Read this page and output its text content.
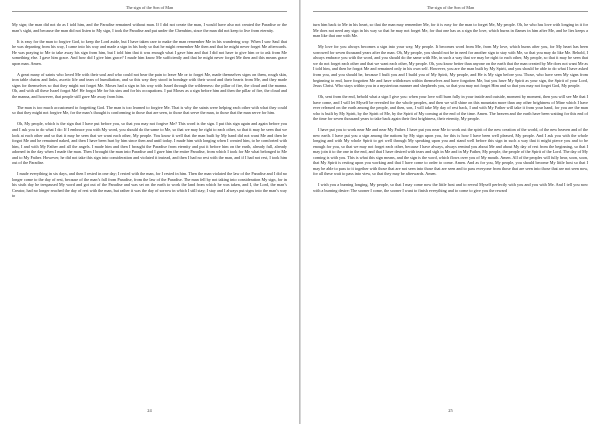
The sign of the Son of Man

My sign; the man did not do as I told him, and the Paradise remained without man. If I did not create the man, I would have also not created the Paradise or the man’s sight, and because the man did not listen to My sign, I took the Paradise and put under the Cherubim, since the man did not keep to live from eternity.

It is easy for the man to forgive God, to keep the Lord aside, but I have taken care to make the man remember Me in his wandering way. When I saw Saul that he was departing from his way, I came into his way and made a sign in his body so that he might remember Me then and that he might never forget Me afterwards. He was praying to Me to take away his sign from him, but I told him that it was enough what I gave him and that I did not have to give him or to ask from Me something else. I gave him grace. And how did I give him grace? I made him know Me sufficiently and that he might never forget Me then and this means grace upon man. Amen.

A great many of saints who loved Me with their soul and who could not bear the pain to leave Me or to forget Me, made themselves signs on them, rough skin, iron table chains and links, ascetic life and tears of humiliation, and so this way they stood in bondage with their wood and their hearts from Me, and they made signs for themselves so that they might not forget Me. Moses had a sign in his way with Israel through the wilderness: the pillar of fire, the cloud and the manna. Oh, and with all these Israel forgot Me! He forgot Me for his sins and for his occupations. I put Moses as a sign before him and then the pillar of fire, the cloud and the manna, and however, that people still gave Me away from him.

The man is too much accustomed to forgetting God. The man is too learned to forgive Me. That is why the saints were helping each other with what they could so that they might not forgive Me, for the man’s thought is conforming to those that are seen, to those that serve the man, to those that the man serve for him.

Oh, My people, which is the sign that I have put before you, so that you may not forgive Me? This word is the sign. I put this sign again and again before you and I ask you to do what I do: If I embrace you with My word, you should do the same to Me, so that we may be right to each other, so that it may be seen that we look at each other and so that it may be seen that we want each other, My people. You know it well that the man built by My hand did not want Me and then he forgot Me and he remained naked, and then I have been hurt by him since then and until today. I made him with longing when I created him, to be comforted with him, I and with My Father and all the angels. I made him and then I brought the Paradise from eternity and put it before him on the earth, already full, already adorned in the day when I made the man. Then I brought the man into Paradise and I gave him the entire Paradise, from which I took for Me what belonged to Me and to My Father. However, he did not take this sign into consideration and violated it instead, and then I had no rest with the man, and if I had not rest, I took him out of the Paradise.

I made everything in six days, and then I rested in one day; I rested with the man, for I rested in him. Then the man violated the law of the Paradise and I did no longer come to the day of rest, because of the man’s fall from Paradise, from the law of the Paradise. The man fell by not taking into consideration My sign, for in his sixth day he trespassed My word and got out of the Paradise and was set on the earth to work the land from which he was taken, and I, the Lord, the man’s Creator, had no longer reached the day of rest with the man, but rather it was the day of sorrow in which I still stay; I stay and I always put signs into the man’s way to

24
The sign of the Son of Man

turn him back to Me in his heart, so that the man may remember Me, for it is easy for the man to forget Me, My people. Oh, he who has love with longing in it for Me does not need any sign in his way so that he may not forget Me, for that one has as a sign the love, which burns in flames in him after Me, and he lies keeps a man like that one with Me.

My love for you always becomes a sign into your way, My people. It becomes word from Me, from My love, which burns after you, for My heart has been sorrowed for seven thousand years after the man. Oh, My people, you should not be in need for another sign to stay with Me, so that you may do like Me. Behold, I always embrace you with the word, and you should do the same with Me, in such a way that we may be right to each other, My people, so that it may be seen that we do not forget each other and that we want each other, My people. Oh, you know better than anyone on the earth that the man created by Me does not want Me as I told him, and then he forgot Me and remained only in his own self. However, you are the man built by My Spirit, and you should be able to do what I have asked from you, and you should be, because I built you and I build you of My Spirit, My people, and He is My sign before you. Those, who have seen My signs from beginning to end, have forgotten Me and have withdrawn within themselves and have forgotten Me, but you have My Spirit as your sign, the Spirit of your Lord, Jesus Christ. Who stays within you in a mysterious manner and shepherds you, so that you may not forget Him and so that you may not forget God, My people.

Oh, sent from the end, behold what a sign I give you: when your love will burn fully in your inside and outside, moment by moment, then you will see Me that I have come, and I will let Myself be revealed for the whole peoples, and then we will shine on this mountain more than any other brightness of Mine which I have ever released on the earth among the people, and then, son, I will take My day of rest back, I and with My Father will take it from your hand, for you are the man who is built by My Spirit, by the Spirit of Me, by the Spirit of My coming at the end of the time. Amen. The heaven and the earth have been waiting for this end of the time for seven thousand years to take back again their first brightness, their eternity, My people.

I have put you to work near Me and near My Father. I have put you near Me to work out the spirit of the new creation of the world, of the new heaven and of the new earth. I have put you a sign among the nations by My sign upon you, for this is how I have been well pleased, My people. And I ask you with the whole longing and with My whole Spirit to get well through My speaking upon you and stand well before this sign in such a way that it might pierce you and to be enough for you, so that we may not forget each other, because I have always, always remind you about Me and about My day of rest from the beginning, so that I may join it to the one in the end, and that I have desired with tears and sigh in Me and in My Father, My people, the people of the Spirit of the Lord. The day of My coming is with you. This is what this sign means, and the sign is the word, which flows over you of My mouth. Amen. All of the peoples will fully hear, soon, soon, that My Spirit is resting upon you working and that I have come to order to come. Amen. And as for you, My people, you should become My little host so that I may be able to pass to it together with those that are not seen into those that are seen and to pass everyone from those that are seen into those that are not seen now, for all these wait to pass into view, so that they may be afterwards. Amen.

I wish you a burning longing, My people, so that I may come now the little host and to reveal Myself perfectly with you and you with Me. And I tell you now with a burning desire: The sooner I come, the sooner I want to finish everything and to come to give you the reward

25
